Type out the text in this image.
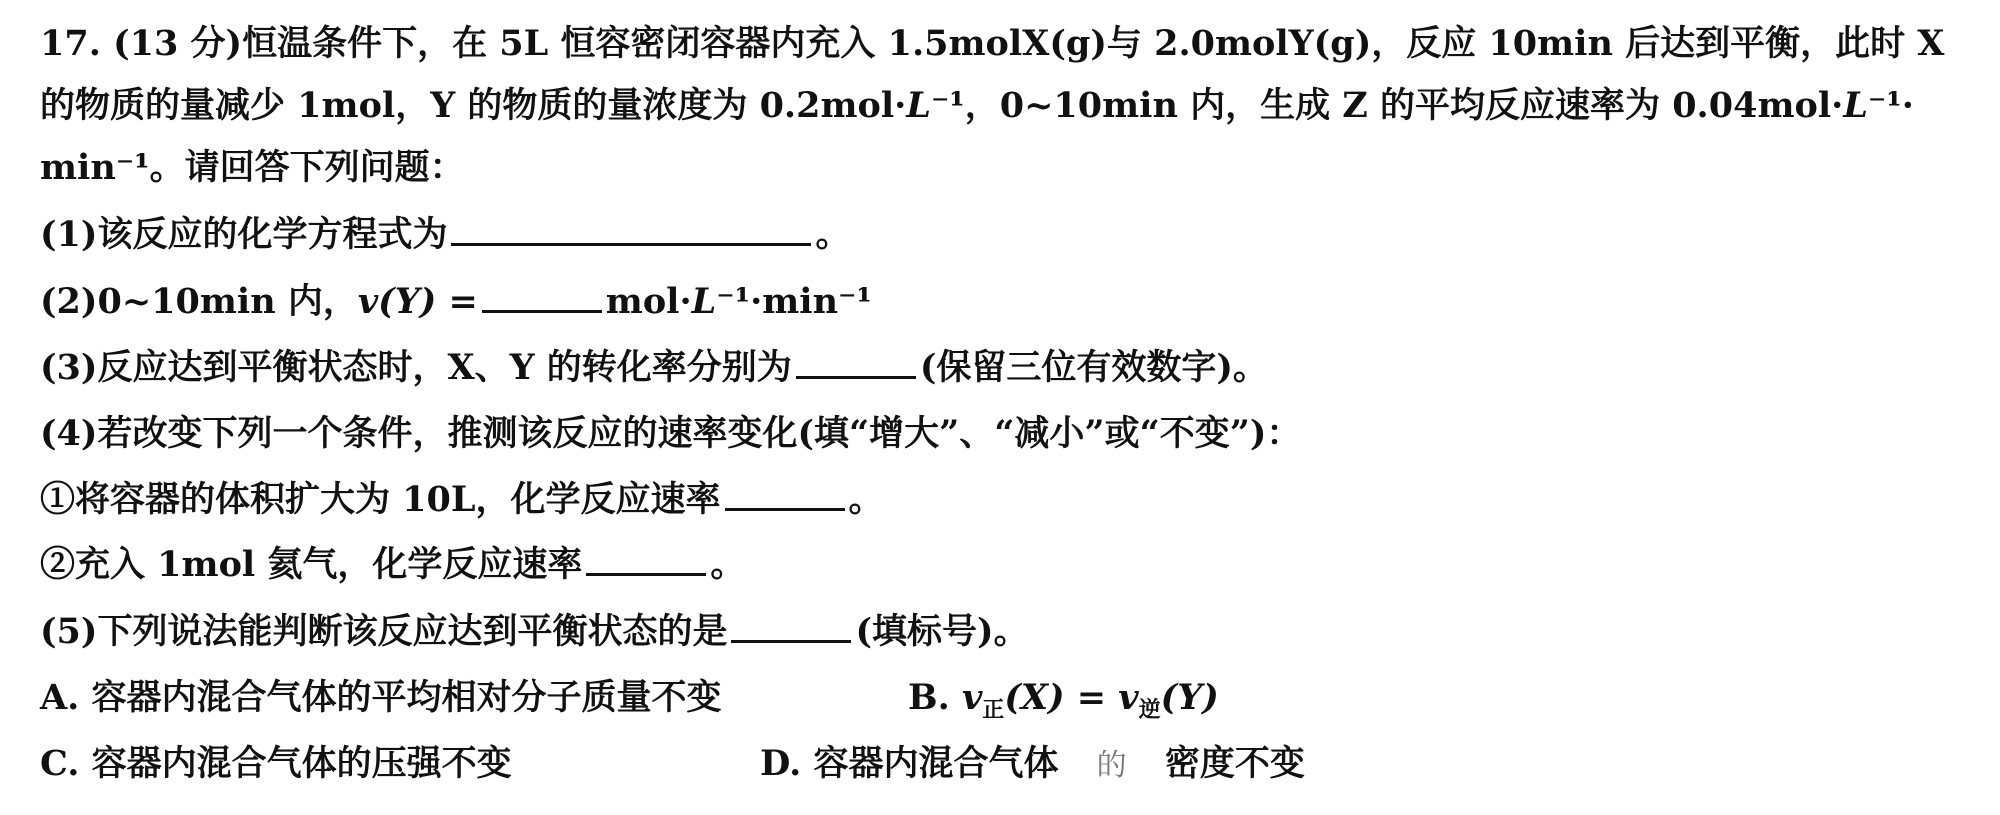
17. (13 分)恒温条件下，在 5L 恒容密闭容器内充入 1.5molX(g)与 2.0molY(g)，反应 10min 后达到平衡，此时 X
的物质的量减少 1mol，Y 的物质的量浓度为 0.2mol·L⁻¹，0~10min 内，生成 Z 的平均反应速率为 0.04mol·L⁻¹·
min⁻¹。请回答下列问题：
(1)该反应的化学方程式为	。
(2)0~10min 内，v(Y) =	mol·L⁻¹·min⁻¹
(3)反应达到平衡状态时，X、Y 的转化率分别为	(保留三位有效数字)。
(4)若改变下列一个条件，推测该反应的速率变化(填“增大”、“减小”或“不变”)：
①将容器的体积扩大为 10L，化学反应速率	。
②充入 1mol 氦气，化学反应速率	。
(5)下列说法能判断该反应达到平衡状态的是	(填标号)。
A. 容器内混合气体的平均相对分子质量不变	B. $v_正(X) = v_逆(Y)$
C. 容器内混合气体的压强不变	D. 容器内混合气体 的 密度不变
